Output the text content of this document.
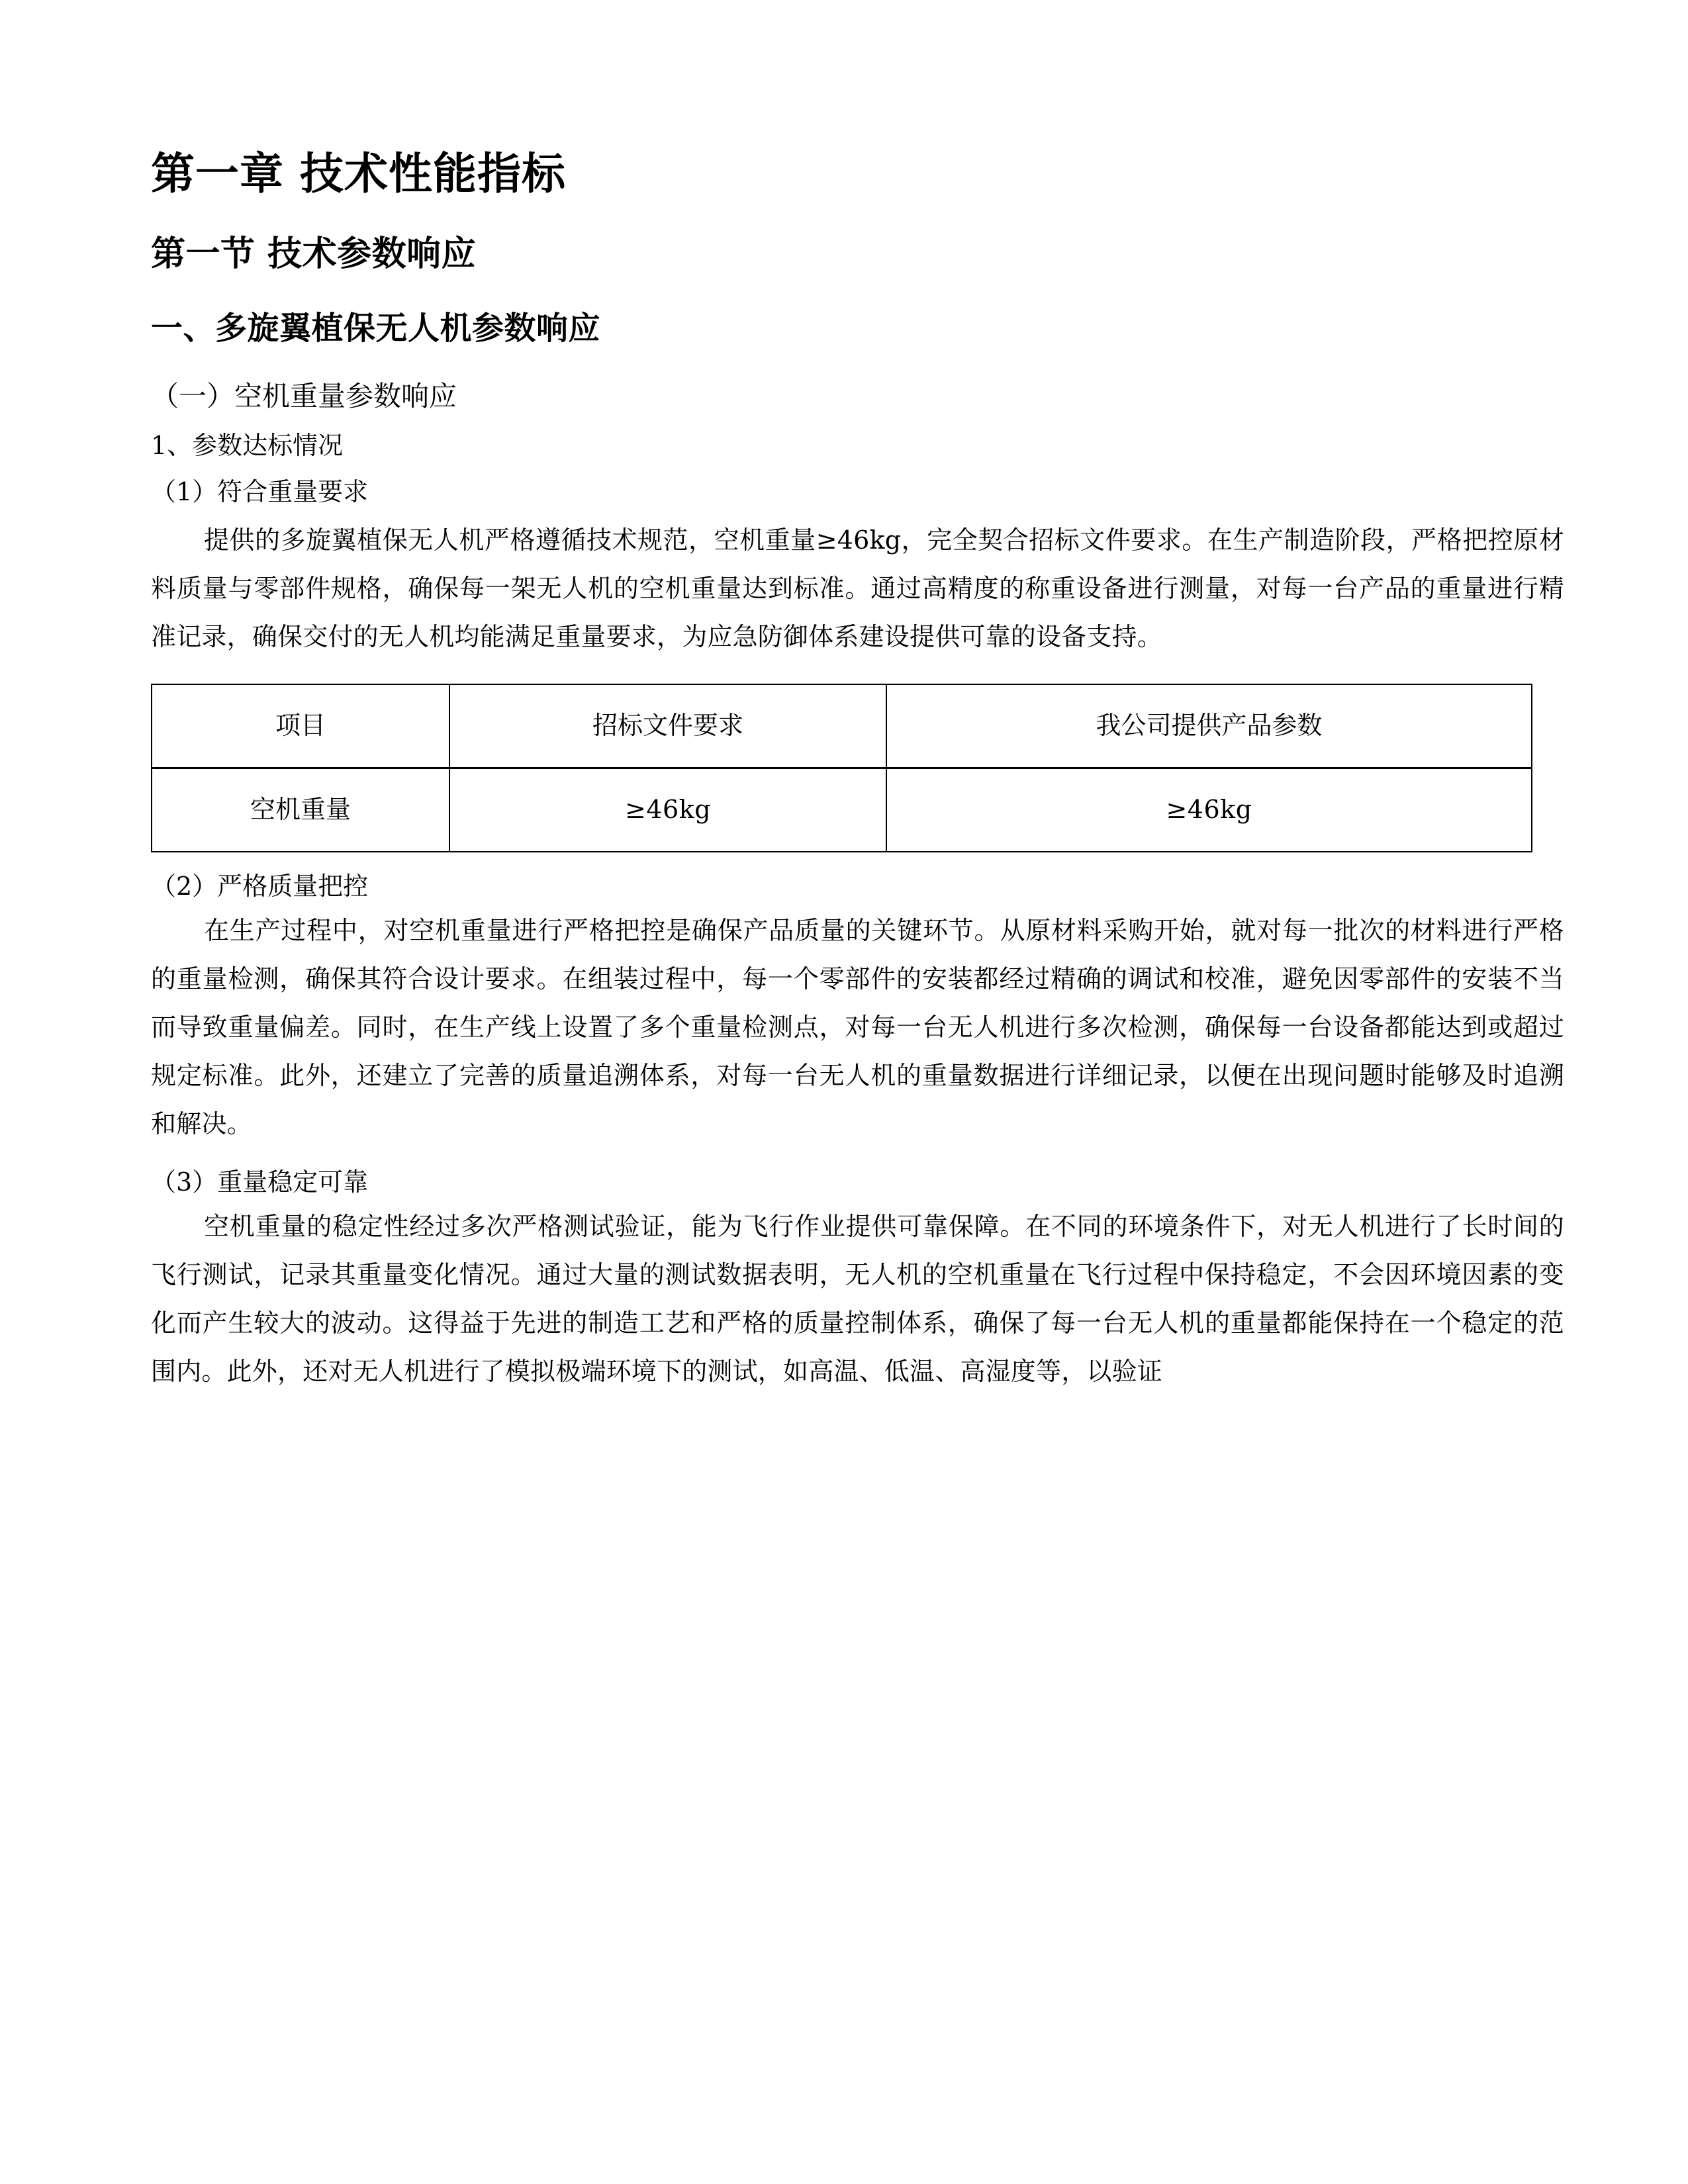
第一章 技术性能指标
第一节 技术参数响应
一、多旋翼植保无人机参数响应
（一）空机重量参数响应

1、参数达标情况

（1）符合重量要求

提供的多旋翼植保无人机严格遵循技术规范，空机重量≥46kg，完全契合招标文件要求。在生产制造阶段，严格把控原材料质量与零部件规格，确保每一架无人机的空机重量达到标准。通过高精度的称重设备进行测量，对每一台产品的重量进行精准记录，确保交付的无人机均能满足重量要求，为应急防御体系建设提供可靠的设备支持。

项目	招标文件要求	我公司提供产品参数
空机重量	≥46kg	≥46kg

（2）严格质量把控

在生产过程中，对空机重量进行严格把控是确保产品质量的关键环节。从原材料采购开始，就对每一批次的材料进行严格的重量检测，确保其符合设计要求。在组装过程中，每一个零部件的安装都经过精确的调试和校准，避免因零部件的安装不当而导致重量偏差。同时，在生产线上设置了多个重量检测点，对每一台无人机进行多次检测，确保每一台设备都能达到或超过规定标准。此外，还建立了完善的质量追溯体系，对每一台无人机的重量数据进行详细记录，以便在出现问题时能够及时追溯和解决。

（3）重量稳定可靠

空机重量的稳定性经过多次严格测试验证，能为飞行作业提供可靠保障。在不同的环境条件下，对无人机进行了长时间的飞行测试，记录其重量变化情况。通过大量的测试数据表明，无人机的空机重量在飞行过程中保持稳定，不会因环境因素的变化而产生较大的波动。这得益于先进的制造工艺和严格的质量控制体系，确保了每一台无人机的重量都能保持在一个稳定的范围内。此外，还对无人机进行了模拟极端环境下的测试，如高温、低温、高湿度等，以验证
